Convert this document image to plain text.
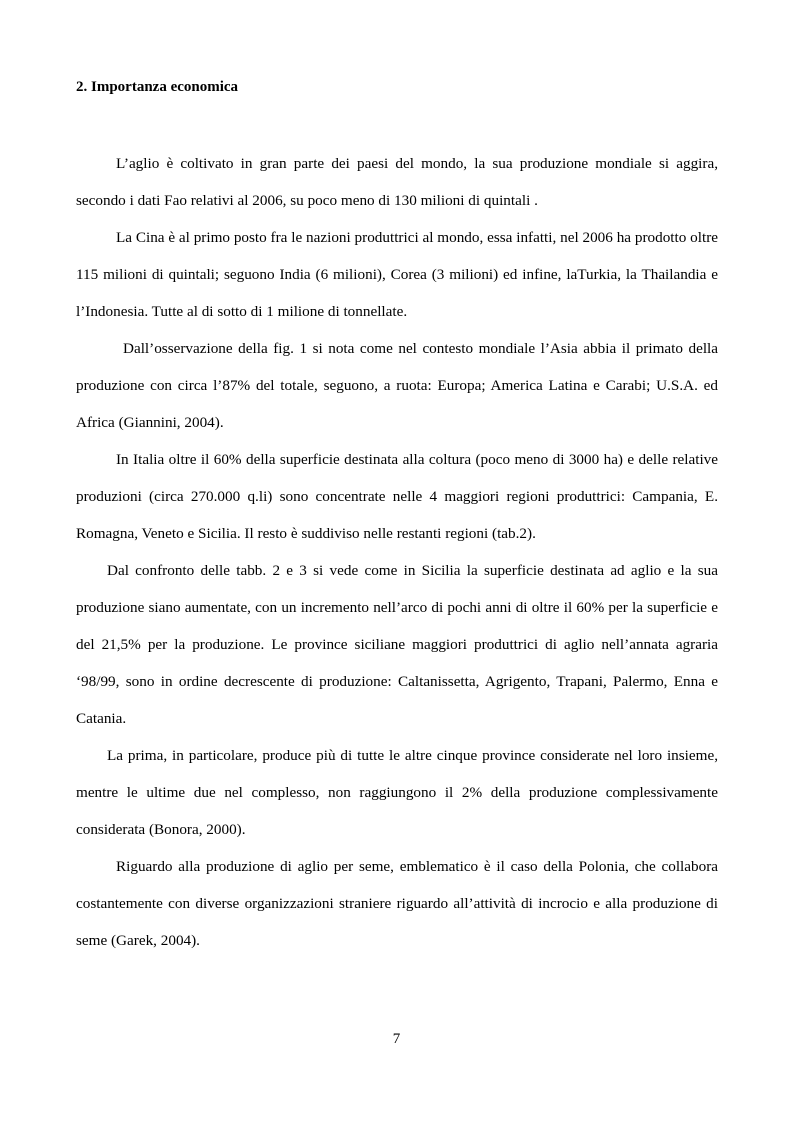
2. Importanza economica

L’aglio è coltivato in gran parte dei paesi del mondo, la sua produzione mondiale si aggira, secondo i dati Fao relativi al 2006, su poco meno di 130 milioni di quintali .

La Cina è al primo posto fra le nazioni produttrici al mondo, essa infatti, nel 2006 ha prodotto oltre 115 milioni di quintali; seguono India (6 milioni), Corea (3 milioni) ed infine, laTurkia, la Thailandia e l’Indonesia. Tutte al di sotto di 1 milione di tonnellate.

Dall’osservazione della fig. 1 si nota come nel contesto mondiale l’Asia abbia il primato della produzione con circa l’87% del totale, seguono, a ruota: Europa; America Latina e Carabi; U.S.A. ed Africa (Giannini, 2004).

In Italia oltre il 60% della superficie destinata alla coltura (poco meno di 3000 ha) e delle relative produzioni (circa 270.000 q.li) sono concentrate nelle 4 maggiori regioni produttrici: Campania, E. Romagna, Veneto e Sicilia. Il resto è suddiviso nelle restanti regioni (tab.2).

Dal confronto delle tabb. 2 e 3 si vede come in Sicilia la superficie destinata ad aglio e la sua produzione siano aumentate, con un incremento nell’arco di pochi anni di oltre il 60% per la superficie e del 21,5% per la produzione. Le province siciliane maggiori produttrici di aglio nell’annata agraria ‘98/99, sono in ordine decrescente di produzione: Caltanissetta, Agrigento, Trapani, Palermo, Enna e Catania.

La prima, in particolare, produce più di tutte le altre cinque province considerate nel loro insieme, mentre le ultime due nel complesso, non raggiungono il 2% della produzione complessivamente considerata (Bonora, 2000).

Riguardo alla produzione di aglio per seme, emblematico è il caso della Polonia, che collabora costantemente con diverse organizzazioni straniere riguardo all’attività di incrocio e alla produzione di seme (Garek, 2004).

7
